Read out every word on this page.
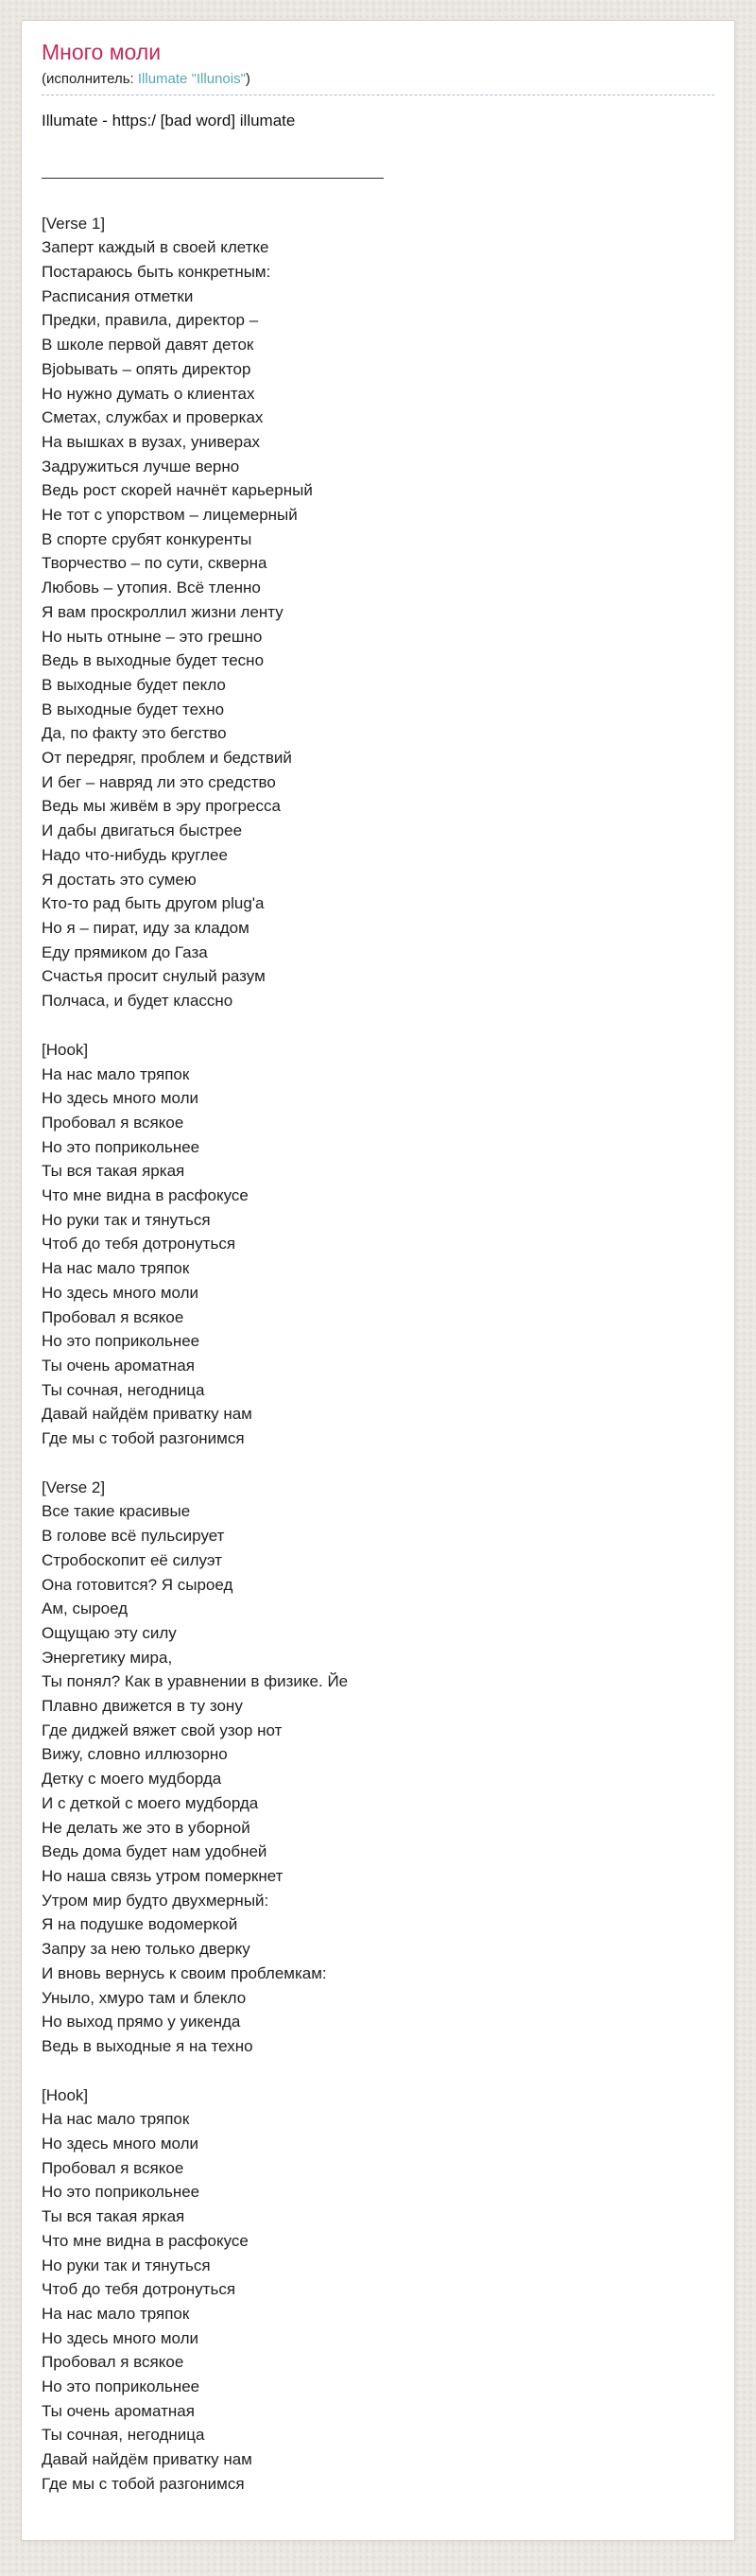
Много моли
(исполнитель: Illumate "Illunois")
Illumate - https:/ [bad word] illumate
[Verse 1]
Заперт каждый в своей клетке
Постараюсь быть конкретным:
Расписания отметки
Предки, правила, директор –
В школе первой давят деток
Вjobывать – опять директор
Но нужно думать о клиентах
Сметах, службах и проверках
На вышках в вузах, универах
Задружиться лучше верно
Ведь рост скорей начнёт карьерный
Не тот с упорством – лицемерный
В спорте срубят конкуренты
Творчество – по сути, скверна
Любовь – утопия. Всё тленно
Я вам проскроллил жизни ленту
Но ныть отныне – это грешно
Ведь в выходные будет тесно
В выходные будет пекло
В выходные будет техно
Да, по факту это бегство
От передряг, проблем и бедствий
И бег – навряд ли это средство
Ведь мы живём в эру прогресса
И дабы двигаться быстрее
Надо что-нибудь круглее
Я достать это сумею
Кто-то рад быть другом plug'a
Но я – пират, иду за кладом
Еду прямиком до Газа
Счастья просит снулый разум
Полчаса, и будет классно
[Hook]
На нас мало тряпок
Но здесь много моли
Пробовал я всякое
Но это поприкольнее
Ты вся такая яркая
Что мне видна в расфокусе
Но руки так и тянуться
Чтоб до тебя дотронуться
На нас мало тряпок
Но здесь много моли
Пробовал я всякое
Но это поприкольнее
Ты очень ароматная
Ты сочная, негодница
Давай найдём приватку нам
Где мы с тобой разгонимся
[Verse 2]
Все такие красивые
В голове всё пульсирует
Стробоскопит её силуэт
Она готовится? Я сыроед
Ам, сыроед
Ощущаю эту силу
Энергетику мира,
Ты понял? Как в уравнении в физике. Йе
Плавно движется в ту зону
Где диджей вяжет свой узор нот
Вижу, словно иллюзорно
Детку с моего мудборда
И с деткой с моего мудборда
Не делать же это в уборной
Ведь дома будет нам удобней
Но наша связь утром померкнет
Утром мир будто двухмерный:
Я на подушке водомеркой
Запру за нею только дверку
И вновь вернусь к своим проблемкам:
Уныло, хмуро там и блекло
Но выход прямо у уикенда
Ведь в выходные я на техно
[Hook]
На нас мало тряпок
Но здесь много моли
Пробовал я всякое
Но это поприкольнее
Ты вся такая яркая
Что мне видна в расфокусе
Но руки так и тянуться
Чтоб до тебя дотронуться
На нас мало тряпок
Но здесь много моли
Пробовал я всякое
Но это поприкольнее
Ты очень ароматная
Ты сочная, негодница
Давай найдём приватку нам
Где мы с тобой разгонимся
